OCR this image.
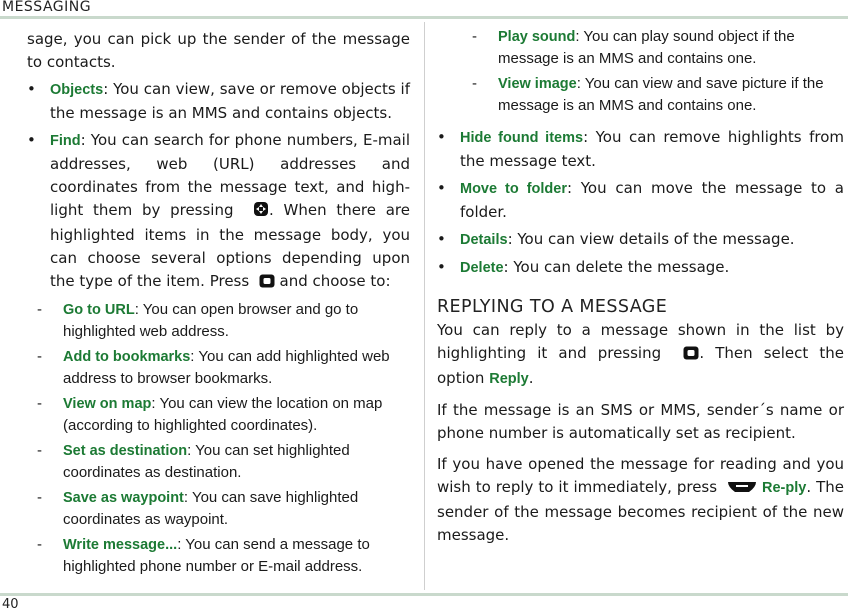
MESSAGING

sage, you can pick up the sender of the message to contacts.

• Objects: You can view, save or remove objects if the message is an MMS and contains objects.

• Find: You can search for phone numbers, E-mail addresses, web (URL) addresses and coordinates from the message text, and high-light them by pressing . When there are highlighted items in the message body, you can choose several options depending upon the type of the item. Press and choose to:

- Go to URL: You can open browser and go to highlighted web address.

- Add to bookmarks: You can add highlighted web address to browser bookmarks.

- View on map: You can view the location on map (according to highlighted coordinates).

- Set as destination: You can set highlighted coordinates as destination.

- Save as waypoint: You can save highlighted coordinates as waypoint.

- Write message...: You can send a message to highlighted phone number or E-mail address.

- Play sound: You can play sound object if the message is an MMS and contains one.

- View image: You can view and save picture if the message is an MMS and contains one.

• Hide found items: You can remove highlights from the message text.

• Move to folder: You can move the message to a folder.

• Details: You can view details of the message.

• Delete: You can delete the message.

REPLYING TO A MESSAGE

You can reply to a message shown in the list by highlighting it and pressing	. Then select the option Reply.

If the message is an SMS or MMS, sender´s name or phone number is automatically set as recipient.

If you have opened the message for reading and you wish to reply to it immediately, press	Re-ply. The sender of the message becomes recipient of the new message.

40
